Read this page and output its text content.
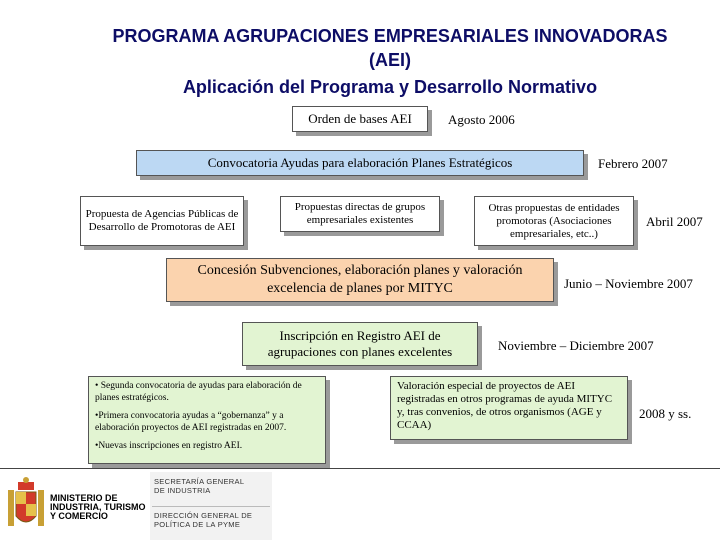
PROGRAMA AGRUPACIONES EMPRESARIALES INNOVADORAS
(AEI)
Aplicación del Programa y Desarrollo Normativo
Orden de bases AEI	Agosto 2006
Convocatoria Ayudas para elaboración Planes Estratégicos	Febrero 2007
Propuesta de Agencias Públicas de Desarrollo de Promotoras de AEI
Propuestas directas de grupos empresariales existentes
Otras propuestas de entidades promotoras (Asociaciones empresariales, etc..)
Abril 2007
Concesión Subvenciones, elaboración planes y valoración excelencia de planes por MITYC	Junio – Noviembre 2007
Inscripción en Registro AEI de agrupaciones con planes excelentes	Noviembre – Diciembre 2007

• Segunda convocatoria de ayudas para elaboración de planes estratégicos.

•Primera convocatoria ayudas a “gobernanza” y a elaboración proyectos de AEI registradas en 2007.

•Nuevas inscripciones en registro AEI.

Valoración especial de proyectos de AEI registradas en otros programas de ayuda MITYC y, tras convenios, de otros organismos (AGE y CCAA)
2008 y ss.
MINISTERIO DE INDUSTRIA, TURISMO Y COMERCIO
SECRETARÍA GENERAL DE INDUSTRIA
DIRECCIÓN GENERAL DE POLÍTICA DE LA PYME
